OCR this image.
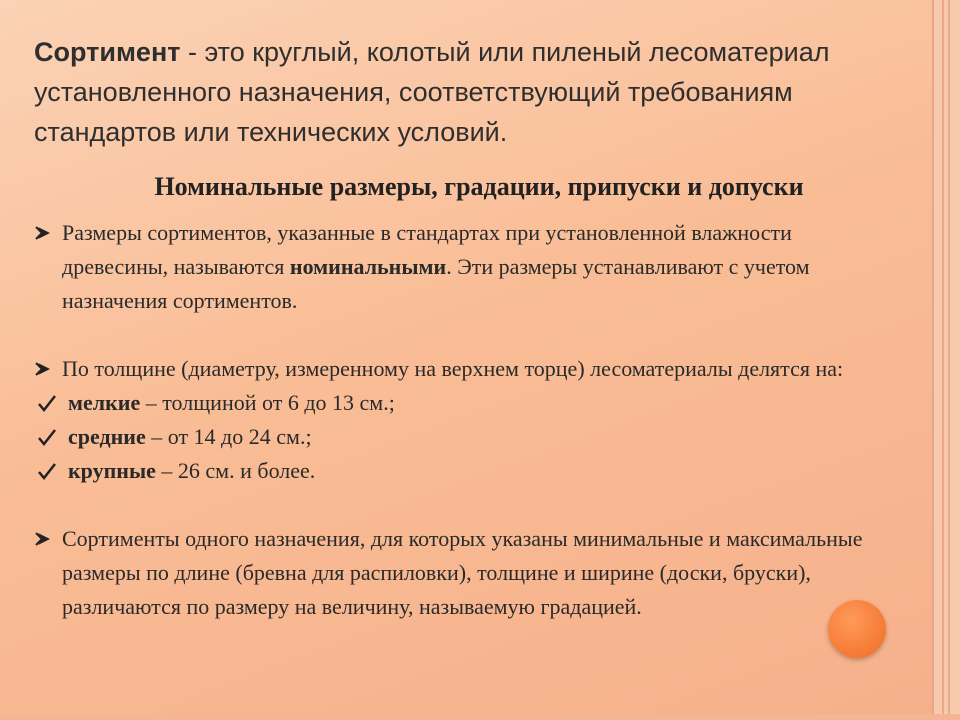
Сортимент - это круглый, колотый или пиленый лесоматериал установленного назначения, соответствующий требованиям стандартов или технических условий.

Номинальные размеры, градации, припуски и допуски

Размеры сортиментов, указанные в стандартах при установленной влажности древесины, называются номинальными. Эти размеры устанавливают с учетом назначения сортиментов.
По толщине (диаметру, измеренному на верхнем торце) лесоматериалы делятся на:
мелкие – толщиной от 6 до 13 см.;
средние – от 14 до 24 см.;
крупные – 26 см. и более.
Сортименты одного назначения, для которых указаны минимальные и максимальные размеры по длине (бревна для распиловки), толщине и ширине (доски, бруски), различаются по размеру на величину, называемую градацией.
